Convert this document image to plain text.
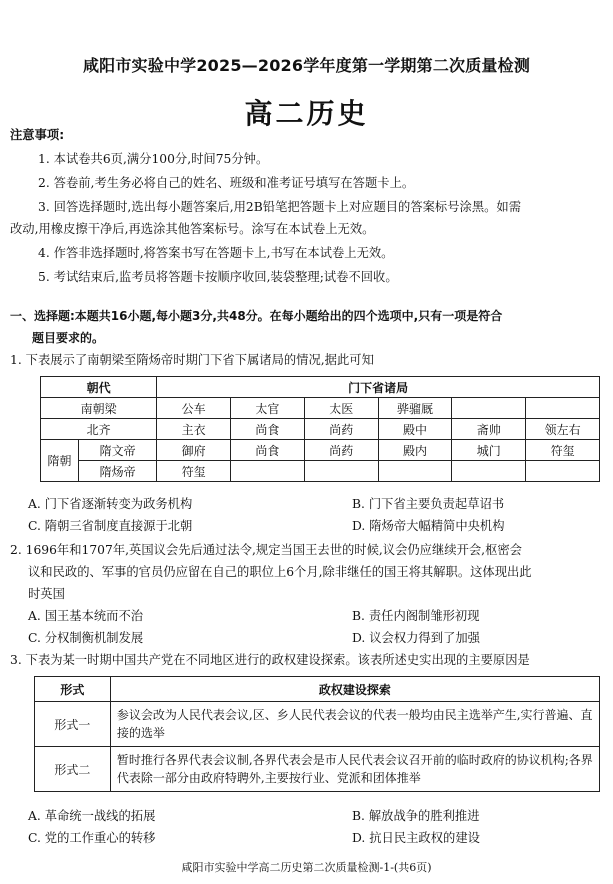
咸阳市实验中学2025—2026学年度第一学期第二次质量检测
高二历史
注意事项:
1. 本试卷共6页,满分100分,时间75分钟。
2. 答卷前,考生务必将自己的姓名、班级和准考证号填写在答题卡上。
3. 回答选择题时,选出每小题答案后,用2B铅笔把答题卡上对应题目的答案标号涂黑。如需
改动,用橡皮擦干净后,再选涂其他答案标号。涂写在本试卷上无效。
4. 作答非选择题时,将答案书写在答题卡上,书写在本试卷上无效。
5. 考试结束后,监考员将答题卡按顺序收回,装袋整理;试卷不回收。
一、选择题:本题共16小题,每小题3分,共48分。在每小题给出的四个选项中,只有一项是符合
题目要求的。
1. 下表展示了南朝梁至隋炀帝时期门下省下属诸局的情况,据此可知
朝代		门下省诸局					
南朝梁		公车	太官	太医	骅骝厩		
北齐		主衣	尚食	尚药	殿中	斋帅	领左右
隋朝	隋文帝	御府	尚食	尚药	殿内	城门	符玺
	隋炀帝	符玺					
A. 门下省逐渐转变为政务机构	B. 门下省主要负责起草诏书
C. 隋朝三省制度直接源于北朝	D. 隋炀帝大幅精简中央机构
2. 1696年和1707年,英国议会先后通过法令,规定当国王去世的时候,议会仍应继续开会,枢密会
议和民政的、军事的官员仍应留在自己的职位上6个月,除非继任的国王将其解职。这体现出此
时英国
A. 国王基本统而不治	B. 责任内阁制雏形初现
C. 分权制衡机制发展	D. 议会权力得到了加强
3. 下表为某一时期中国共产党在不同地区进行的政权建设探索。该表所述史实出现的主要原因是
形式	政权建设探索
形式一	参议会改为人民代表会议,区、乡人民代表会议的代表一般均由民主选举产生,实行普遍、直接的选举
形式二	暂时推行各界代表会议制,各界代表会是市人民代表会议召开前的临时政府的协议机构;各界代表除一部分由政府特聘外,主要按行业、党派和团体推举
A. 革命统一战线的拓展	B. 解放战争的胜利推进
C. 党的工作重心的转移	D. 抗日民主政权的建设
咸阳市实验中学高二历史第二次质量检测-1-(共6页)
